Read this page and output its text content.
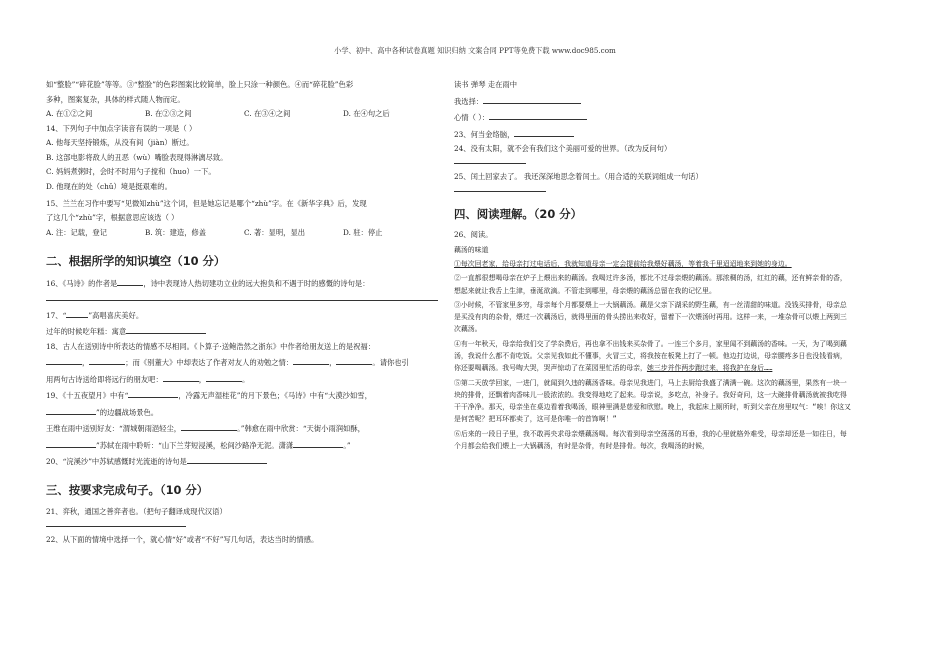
小学、初中、高中各种试卷真题 知识归纳 文案合同 PPT等免费下载 www.doc985.com

如“整脸”“碎花脸”等等。③“整脸”的色彩图案比较简单，脸上只涂一种颜色。④而“碎花脸”色彩

多种，图案复杂，具体的样式随人物而定。

A. 在①②之间	B. 在②③之间	C. 在③④之间	D. 在④句之后

14、下列句子中加点字读音有误的一项是（ ）

A. 他每天坚持锻炼，从没有间（jiàn）断过。

B. 这部电影将敌人的丑恶（wù）嘴脸表现得淋漓尽致。

C. 妈妈煮粥时，会时不时用勺子搅和（huo）一下。

D. 他现在的处（chǔ）境是挺艰难的。

15、兰兰在习作中要写“见微知zhù”这个词，但是她忘记是哪个“zhù”字。在《新华字典》后，发现

了这几个“zhù”字，根据意思应该选（ ）

A. 注：记载，登记	B. 筑：建造，修盖	C. 著：显明，显出	D. 驻：停止
二、根据所学的知识填空（10 分）

16、《马诗》的作者是	，诗中表现诗人热切建功立业的远大抱负和不遇于时的感慨的诗句是：

17、“	”高唱喜庆美好。

过年的时候吃年糕：寓意

18、古人在送别诗中所表达的情感不尽相同。《卜算子·送鲍浩然之浙东》中作者给朋友送上的是祝福：

，	；而《别董大》中却表达了作者对友人的劝勉之情：	，	。请你也引

用两句古诗送给即将远行的朋友吧：	，	。

19、《十五夜望月》中有“	，冷露无声湿桂花”的月下景色；《马诗》中有“大漠沙如雪，

”的边疆战场景色。

王维在雨中送别好友：“渭城朝雨浥轻尘，	。”韩愈在雨中欣赏：“天街小雨润如酥，

”苏轼在雨中聆听：“山下兰芽短浸溪，松间沙路净无泥。潇潇	。”

20、“浣溪沙”中苏轼感慨时光流逝的诗句是

三、按要求完成句子。（10 分）

21、弈秋，通国之善弈者也。（把句子翻译成现代汉语）

22、从下面的情境中选择一个，就心情“好”或者“不好”写几句话，表达当时的情感。

读书 弹琴 走在雨中

我选择：

心情（ ）：

23、何当金络脑，

24、没有太阳，就不会有我们这个美丽可爱的世界。（改为反问句）

25、闰土回家去了。 我还深深地思念着闰土。（用合适的关联词组成一句话）

四、阅读理解。（20 分）

26、阅读。

藕汤的味道

①每次回老家，给母亲打过电话后，我就知道母亲一定会提前给我煨好藕汤，等着我千里迢迢地来到她的身边。

②一直都很想喝母亲在炉子上煨出来的藕汤。我喝过许多汤，都比不过母亲煨的藕汤。那浓稠的汤，红红的藕，还有鲜亲骨的香，想起来就让我舌上生津，垂涎欲滴。不管走到哪里，母亲煨的藕汤总留在我的记忆里。

③小时候，不管家里多穷，母亲每个月都要煨上一大锅藕汤。藕是父亲下湖采的野生藕，有一丝清甜的味道。没钱买排骨，母亲总是买没有肉的杂骨，煨过一次藕汤后，就得里面的骨头捞出来收好，留着下一次煨汤时再用。这样一来，一堆杂骨可以煨上两到三次藕汤。

④有一年秋天，母亲给我们交了学杂费后，再也拿不出钱来买杂骨了。一连三个多月，家里闻不到藕汤的香味。一天，为了喝到藕汤，我说什么都不肯吃饭。父亲见我如此不懂事，火冒三丈，将我按在板凳上打了一顿。他边打边说，母亲腰疼多日也没钱看病，你还要喝藕汤。我号啕大哭，哭声惊动了在菜园里忙活的母亲，她三步并作两步跑过来，将我护在身后……

⑤第二天放学回家，一进门，就闻到久违的藕汤香味。母亲见我进门，马上去厨给我盛了满满一碗。这次的藕汤里，果然有一块一块的排骨，还飘着肉香味儿一股浓浓的。我变得地吃了起来。母亲说，多吃点，补身子。我好奇问，这一大碗排骨藕汤就被我吃得干干净净。那天，母亲坐在桌边看着我喝汤，眼神里满是慈爱和欣慰。晚上，我起床上厕所时，听到父亲在房里叹气：“唉！你这又是何苦呢？把耳环都卖了，这可是你唯一的首饰啊！”

⑥后来的一段日子里，我不敢再央求母亲煨藕汤喝。每次看到母亲空荡荡的耳垂，我的心里就格外难受，母亲却还是一如往日，每个月都会给我们煨上一大锅藕汤，有时是杂骨，有时是排骨。每次，我喝汤的时候，
